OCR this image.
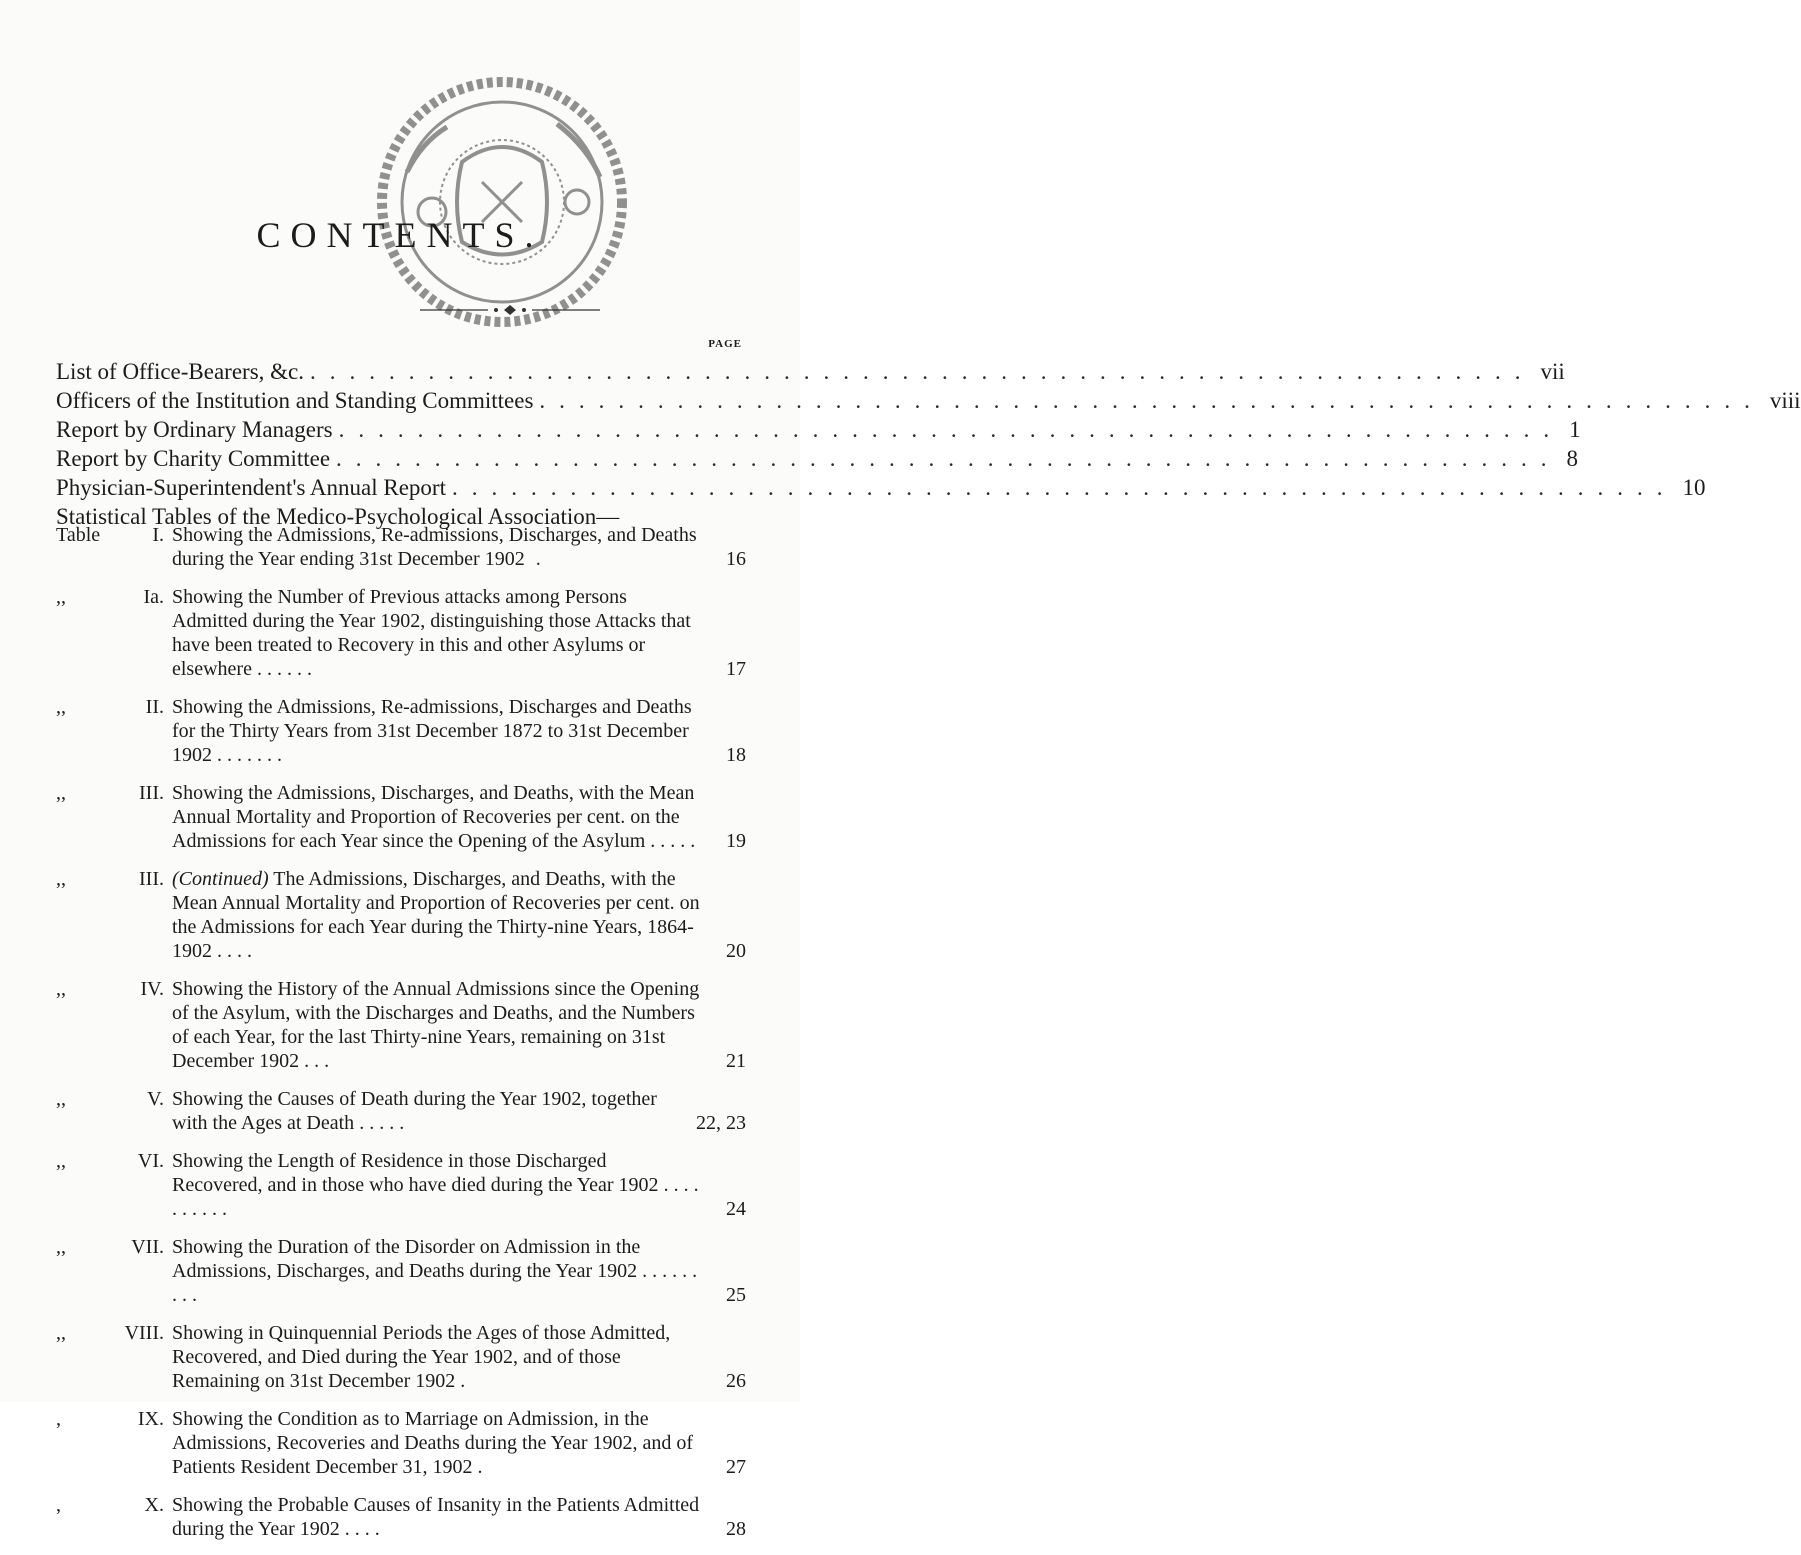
CONTENTS.
PAGE
List of Office-Bearers, &c. .............................................................. vii
Officers of the Institution and Standing Committees .............................................................. viii
Report by Ordinary Managers .............................................................. 1
Report by Charity Committee .............................................................. 8
Physician-Superintendent's Annual Report .............................................................. 10
Statistical Tables of the Medico-Psychological Association—
Table	I. Showing the Admissions, Re-admissions, Discharges, and Deaths during the Year ending 31st December 1902 .	16
,,	Ia. Showing the Number of Previous attacks among Persons Admitted during the Year 1902, distinguishing those Attacks that have been treated to Recovery in this and other Asylums or elsewhere . . . . . .	17
,,	II. Showing the Admissions, Re-admissions, Discharges and Deaths for the Thirty Years from 31st December 1872 to 31st December 1902 . . . . . . .	18
,,	III. Showing the Admissions, Discharges, and Deaths, with the Mean Annual Mortality and Proportion of Recoveries per cent. on the Admissions for each Year since the Opening of the Asylum . . . . .	19
,,	III. (Continued) The Admissions, Discharges, and Deaths, with the Mean Annual Mortality and Proportion of Recoveries per cent. on the Admissions for each Year during the Thirty-nine Years, 1864-1902 . . . .	20
,,	IV. Showing the History of the Annual Admissions since the Opening of the Asylum, with the Discharges and Deaths, and the Numbers of each Year, for the last Thirty-nine Years, remaining on 31st December 1902 . . .	21
,,	V. Showing the Causes of Death during the Year 1902, together with the Ages at Death . . . . .	22, 23
,,	VI. Showing the Length of Residence in those Discharged Recovered, and in those who have died during the Year 1902 . . . . . . . . . .	24
,,	VII. Showing the Duration of the Disorder on Admission in the Admissions, Discharges, and Deaths during the Year 1902 . . . . . . . . .	25
,,	VIII. Showing in Quinquennial Periods the Ages of those Admitted, Recovered, and Died during the Year 1902, and of those Remaining on 31st December 1902 .	26
,	IX. Showing the Condition as to Marriage on Admission, in the Admissions, Recoveries and Deaths during the Year 1902, and of Patients Resident December 31, 1902 .	27
,	X. Showing the Probable Causes of Insanity in the Patients Admitted during the Year 1902 . . . .	28
